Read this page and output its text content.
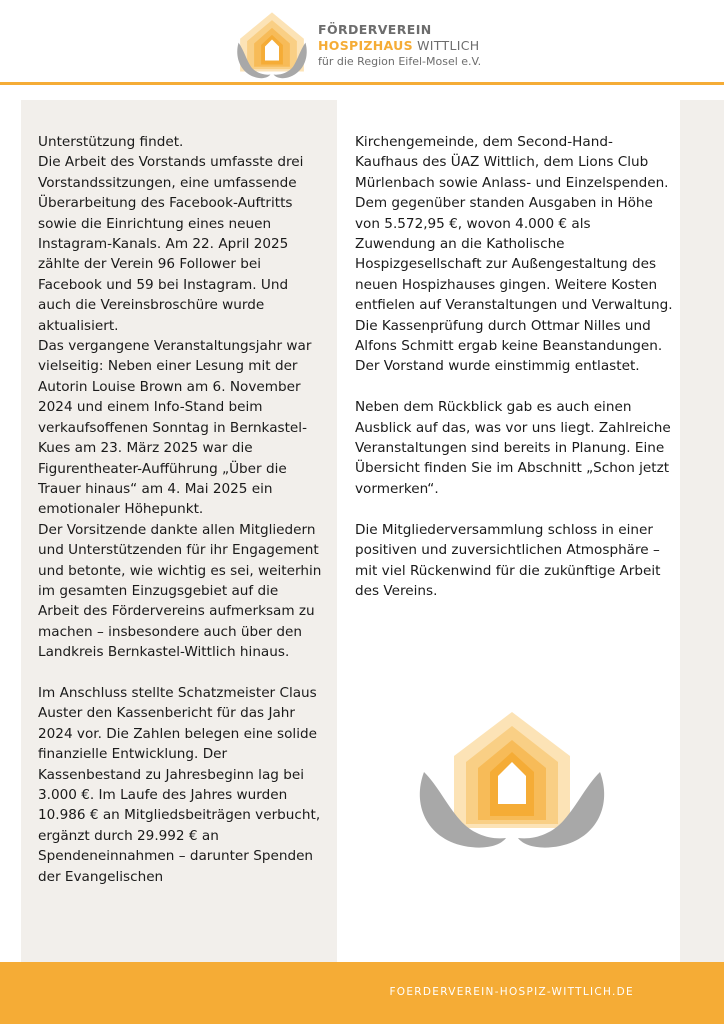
FÖRDERVEREIN
HOSPIZHAUS WITTLICH
für die Region Eifel-Mosel e.V.

Unterstützung findet.

Die Arbeit des Vorstands umfasste drei Vorstandssitzungen, eine umfassende Überarbeitung des Facebook-Auftritts sowie die Einrichtung eines neuen Instagram-Kanals. Am 22. April 2025 zählte der Verein 96 Follower bei Facebook und 59 bei Instagram. Und auch die Vereinsbroschüre wurde aktualisiert.

Das vergangene Veranstaltungsjahr war vielseitig: Neben einer Lesung mit der Autorin Louise Brown am 6. November 2024 und einem Info-Stand beim verkaufsoffenen Sonntag in Bernkastel-Kues am 23. März 2025 war die Figurentheater-Aufführung „Über die Trauer hinaus“ am 4. Mai 2025 ein emotionaler Höhepunkt.

Der Vorsitzende dankte allen Mitgliedern und Unterstützenden für ihr Engagement und betonte, wie wichtig es sei, weiterhin im gesamten Einzugsgebiet auf die Arbeit des Fördervereins aufmerksam zu machen – insbesondere auch über den Landkreis Bernkastel-Wittlich hinaus.

Im Anschluss stellte Schatzmeister Claus Auster den Kassenbericht für das Jahr 2024 vor. Die Zahlen belegen eine solide finanzielle Entwicklung. Der Kassenbestand zu Jahresbeginn lag bei 3.000 €. Im Laufe des Jahres wurden 10.986 € an Mitgliedsbeiträgen verbucht, ergänzt durch 29.992 € an Spendeneinnahmen – darunter Spenden der Evangelischen

Kirchengemeinde, dem Second-Hand-Kaufhaus des ÜAZ Wittlich, dem Lions Club Mürlenbach sowie Anlass- und Einzelspenden.

Dem gegenüber standen Ausgaben in Höhe von 5.572,95 €, wovon 4.000 € als Zuwendung an die Katholische Hospizgesellschaft zur Außengestaltung des neuen Hospizhauses gingen. Weitere Kosten entfielen auf Veranstaltungen und Verwaltung. Die Kassenprüfung durch Ottmar Nilles und Alfons Schmitt ergab keine Beanstandungen. Der Vorstand wurde einstimmig entlastet.

Neben dem Rückblick gab es auch einen Ausblick auf das, was vor uns liegt. Zahlreiche Veranstaltungen sind bereits in Planung. Eine Übersicht finden Sie im Abschnitt „Schon jetzt vormerken“.

Die Mitgliederversammlung schloss in einer positiven und zuversichtlichen Atmosphäre – mit viel Rückenwind für die zukünftige Arbeit des Vereins.

FOERDERVEREIN-HOSPIZ-WITTLICH.DE
